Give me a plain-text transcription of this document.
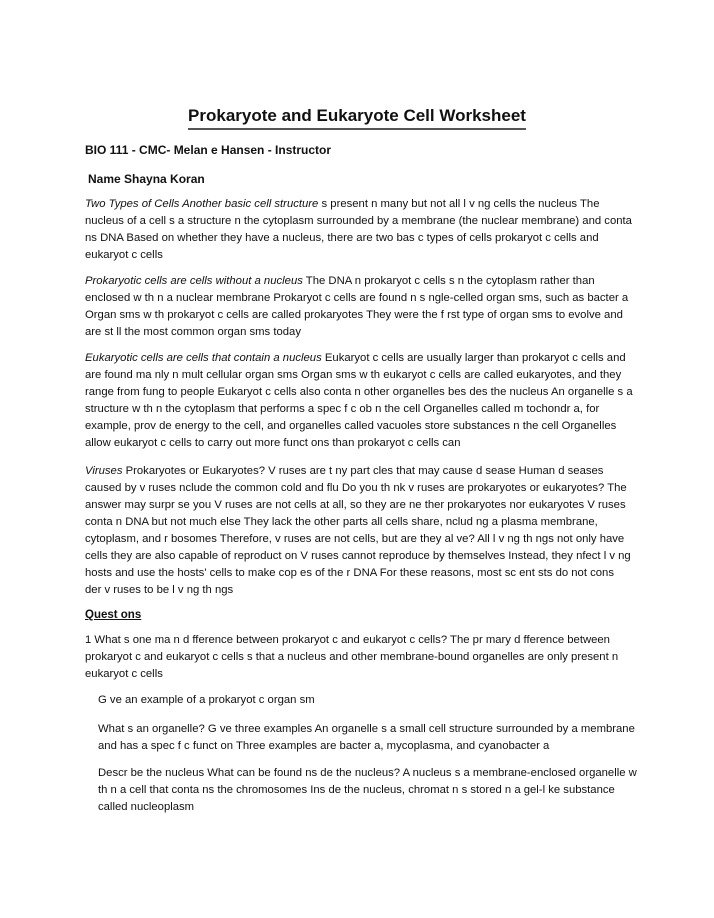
Prokaryote and Eukaryote Cell Worksheet
BIO 111 - CMC- Melan e Hansen - Instructor
Name Shayna Koran
Two Types of Cells Another basic cell structure s present n many but not all l v ng cells the nucleus The nucleus of a cell s a structure n the cytoplasm surrounded by a membrane (the nuclear membrane) and conta ns DNA Based on whether they have a nucleus, there are two bas c types of cells prokaryot c cells and eukaryot c cells
Prokaryotic cells are cells without a nucleus The DNA n prokaryot c cells s n the cytoplasm rather than enclosed w th n a nuclear membrane Prokaryot c cells are found n s ngle-celled organ sms, such as bacter a Organ sms w th prokaryot c cells are called prokaryotes They were the f rst type of organ sms to evolve and are st ll the most common organ sms today
Eukaryotic cells are cells that contain a nucleus Eukaryot c cells are usually larger than prokaryot c cells and are found ma nly n mult cellular organ sms Organ sms w th eukaryot c cells are called eukaryotes, and they range from fung to people Eukaryot c cells also conta n other organelles bes des the nucleus An organelle s a structure w th n the cytoplasm that performs a spec f c ob n the cell Organelles called m tochondr a, for example, prov de energy to the cell, and organelles called vacuoles store substances n the cell Organelles allow eukaryot c cells to carry out more funct ons than prokaryot c cells can
Viruses Prokaryotes or Eukaryotes? V ruses are t ny part cles that may cause d sease Human d seases caused by v ruses nclude the common cold and flu Do you th nk v ruses are prokaryotes or eukaryotes? The answer may surpr se you V ruses are not cells at all, so they are ne ther prokaryotes nor eukaryotes V ruses conta n DNA but not much else They lack the other parts all cells share, nclud ng a plasma membrane, cytoplasm, and r bosomes Therefore, v ruses are not cells, but are they al ve? All l v ng th ngs not only have cells they are also capable of reproduct on V ruses cannot reproduce by themselves Instead, they nfect l v ng hosts and use the hosts' cells to make cop es of the r DNA For these reasons, most sc ent sts do not cons der v ruses to be l v ng th ngs
Quest ons
1 What s one ma n d fference between prokaryot c and eukaryot c cells? The pr mary d fference between prokaryot c and eukaryot c cells s that a nucleus and other membrane-bound organelles are only present n eukaryot c cells
G ve an example of a prokaryot c organ sm
What s an organelle? G ve three examples An organelle s a small cell structure surrounded by a membrane and has a spec f c funct on Three examples are bacter a, mycoplasma, and cyanobacter a
Descr be the nucleus What can be found ns de the nucleus? A nucleus s a membrane-enclosed organelle w th n a cell that conta ns the chromosomes Ins de the nucleus, chromat n s stored n a gel-l ke substance called nucleoplasm
